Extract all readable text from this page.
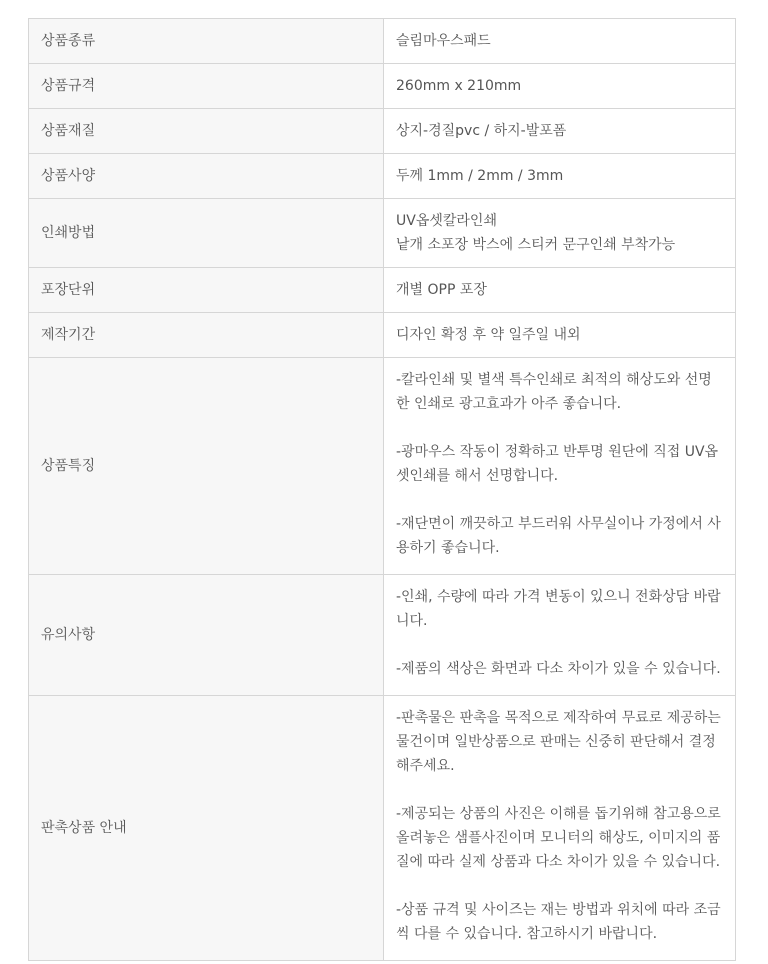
상품종류	슬림마우스패드
상품규격	260mm x 210mm
상품재질	상지-경질pvc / 하지-발포폼
상품사양	두께 1mm / 2mm / 3mm
인쇄방법	UV옵셋칼라인쇄
낱개 소포장 박스에 스티커 문구인쇄 부착가능

포장단위	개별 OPP 포장
제작기간	디자인 확정 후 약 일주일 내외
상품특징	-칼라인쇄 및 별색 특수인쇄로 최적의 해상도와 선명한 인쇄로 광고효과가 아주 좋습니다.
-광마우스 작동이 정확하고 반투명 원단에 직접 UV옵셋인쇄를 해서 선명합니다.
-재단면이 깨끗하고 부드러워 사무실이나 가정에서 사용하기 좋습니다.

유의사항	-인쇄, 수량에 따라 가격 변동이 있으니 전화상담 바랍니다.
-제품의 색상은 화면과 다소 차이가 있을 수 있습니다.

판촉상품 안내	-판촉물은 판촉을 목적으로 제작하여 무료로 제공하는 물건이며 일반상품으로 판매는 신중히 판단해서 결정해주세요.
-제공되는 상품의 사진은 이해를 돕기위해 참고용으로 올려놓은 샘플사진이며 모니터의 해상도, 이미지의 품질에 따라 실제 상품과 다소 차이가 있을 수 있습니다.
-상품 규격 및 사이즈는 재는 방법과 위치에 따라 조금씩 다를 수 있습니다. 참고하시기 바랍니다.
